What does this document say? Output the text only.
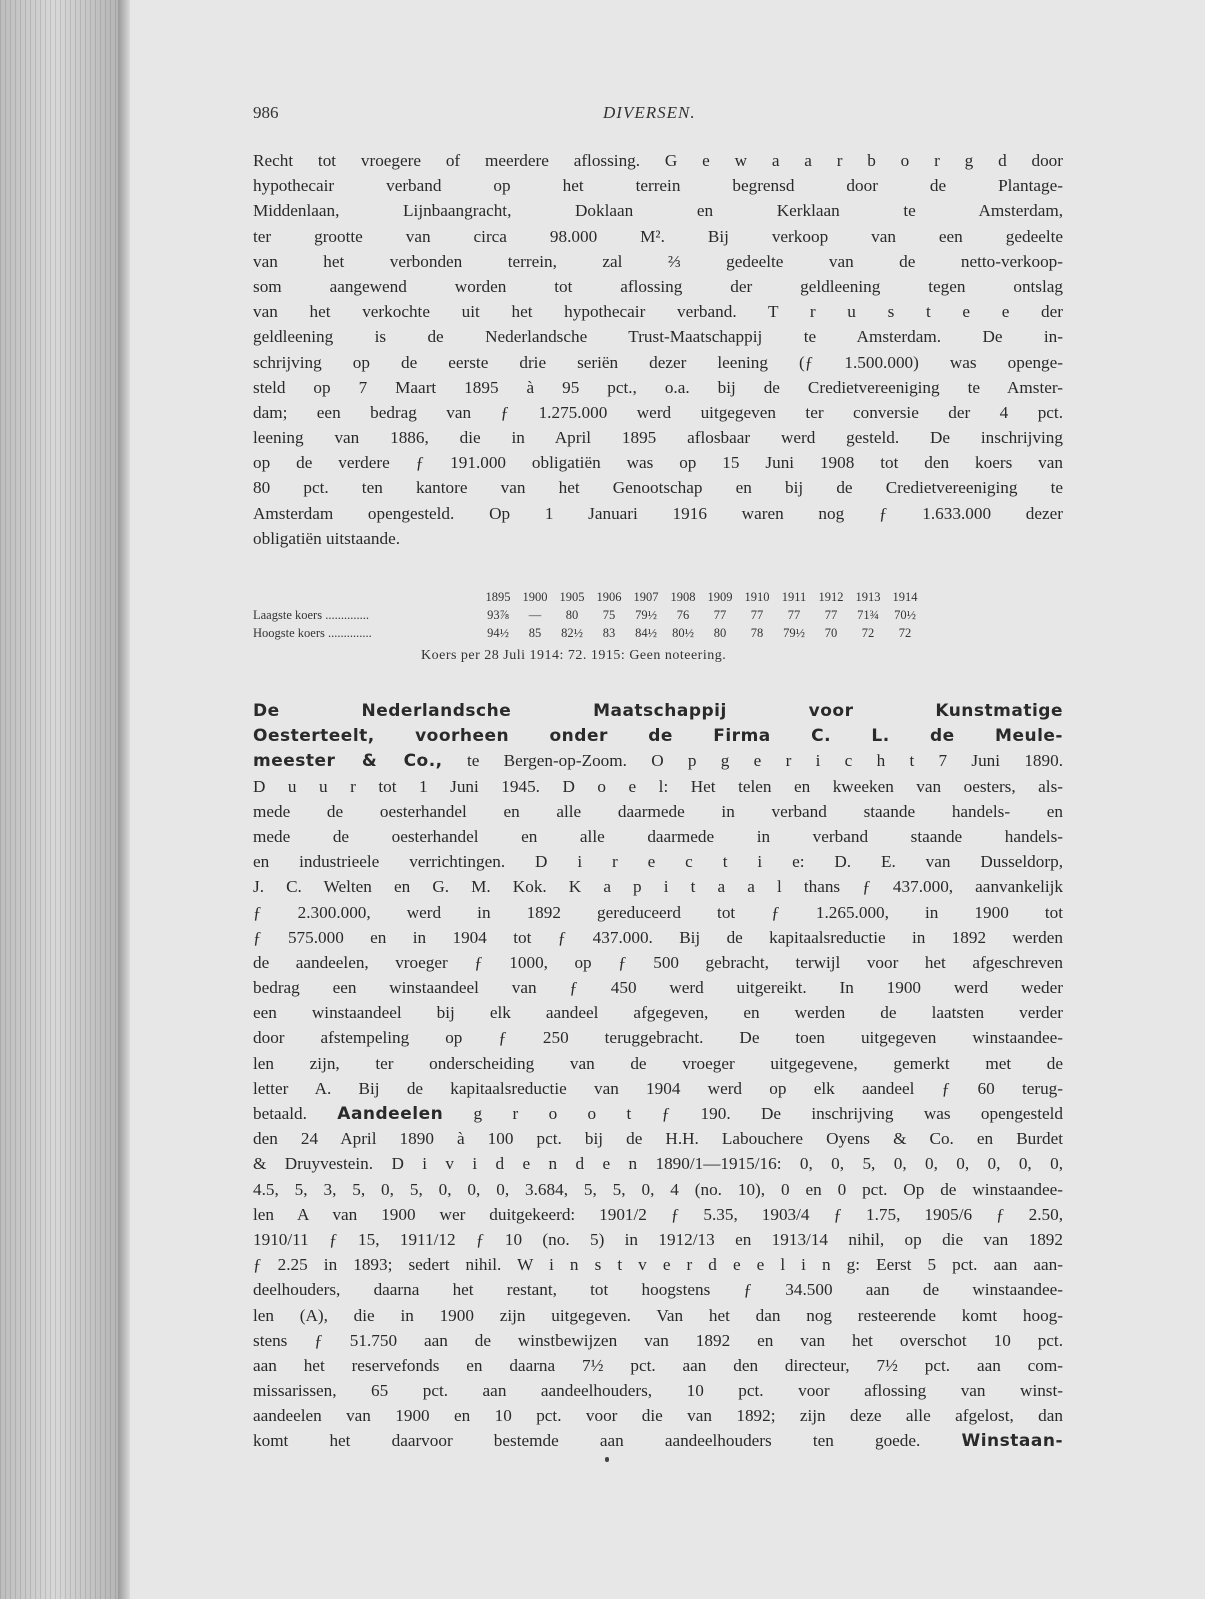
986	DIVERSEN.
Recht tot vroegere of meerdere aflossing. G e w a a r b o r g d door
hypothecair verband op het terrein begrensd door de Plantage-
Middenlaan, Lijnbaangracht, Doklaan en Kerklaan te Amsterdam,
ter grootte van circa 98.000 M². Bij verkoop van een gedeelte
van het verbonden terrein, zal ⅔ gedeelte van de netto-verkoop-
som aangewend worden tot aflossing der geldleening tegen ontslag
van het verkochte uit het hypothecair verband. T r u s t e e der
geldleening is de Nederlandsche Trust-Maatschappij te Amsterdam. De in-
schrijving op de eerste drie seriën dezer leening (ƒ 1.500.000) was openge-
steld op 7 Maart 1895 à 95 pct., o.a. bij de Credietvereeniging te Amster-
dam; een bedrag van ƒ 1.275.000 werd uitgegeven ter conversie der 4 pct.
leening van 1886, die in April 1895 aflosbaar werd gesteld. De inschrijving
op de verdere ƒ 191.000 obligatiën was op 15 Juni 1908 tot den koers van
80 pct. ten kantore van het Genootschap en bij de Credietvereeniging te
Amsterdam opengesteld. Op 1 Januari 1916 waren nog ƒ 1.633.000 dezer
obligatiën uitstaande.
1895 1900 1905 1906 1907 1908 1909 1910 1911 1912 1913 1914
Laagste koers ..............	93⅞	—	80	75	79½	76	77	77	77	77	71¾	70½
Hoogste koers ..............	94½	85	82½	83	84½	80½	80	78	79½	70	72	72
Koers per 28 Juli 1914: 72. 1915: Geen noteering.
De Nederlandsche Maatschappij voor Kunstmatige
Oesterteelt, voorheen onder de Firma C. L. de Meule-
meester & Co., te Bergen-op-Zoom. O p g e r i c h t 7 Juni 1890.
D u u r tot 1 Juni 1945. D o e l: Het telen en kweeken van oesters, als-
mede de oesterhandel en alle daarmede in verband staande handels- en
mede de oesterhandel en alle daarmede in verband staande handels-
en industrieele verrichtingen. D i r e c t i e: D. E. van Dusseldorp,
J. C. Welten en G. M. Kok. K a p i t a a l thans ƒ 437.000, aanvankelijk
ƒ 2.300.000, werd in 1892 gereduceerd tot ƒ 1.265.000, in 1900 tot
ƒ 575.000 en in 1904 tot ƒ 437.000. Bij de kapitaalsreductie in 1892 werden
de aandeelen, vroeger ƒ 1000, op ƒ 500 gebracht, terwijl voor het afgeschreven
bedrag een winstaandeel van ƒ 450 werd uitgereikt. In 1900 werd weder
een winstaandeel bij elk aandeel afgegeven, en werden de laatsten verder
door afstempeling op ƒ 250 teruggebracht. De toen uitgegeven winstaandee-
len zijn, ter onderscheiding van de vroeger uitgegevene, gemerkt met de
letter A. Bij de kapitaalsreductie van 1904 werd op elk aandeel ƒ 60 terug-
betaald. Aandeelen g r o o t ƒ 190. De inschrijving was opengesteld
den 24 April 1890 à 100 pct. bij de H.H. Labouchere Oyens & Co. en Burdet
& Druyvestein. D i v i d e n d e n 1890/1—1915/16: 0, 0, 5, 0, 0, 0, 0, 0, 0,
4.5, 5, 3, 5, 0, 5, 0, 0, 0, 3.684, 5, 5, 0, 4 (no. 10), 0 en 0 pct. Op de winstaandee-
len A van 1900 wer duitgekeerd: 1901/2 ƒ 5.35, 1903/4 ƒ 1.75, 1905/6 ƒ 2.50,
1910/11 ƒ 15, 1911/12 ƒ 10 (no. 5) in 1912/13 en 1913/14 nihil, op die van 1892
ƒ 2.25 in 1893; sedert nihil. W i n s t v e r d e e l i n g: Eerst 5 pct. aan aan-
deelhouders, daarna het restant, tot hoogstens ƒ 34.500 aan de winstaandee-
len (A), die in 1900 zijn uitgegeven. Van het dan nog resteerende komt hoog-
stens ƒ 51.750 aan de winstbewijzen van 1892 en van het overschot 10 pct.
aan het reservefonds en daarna 7½ pct. aan den directeur, 7½ pct. aan com-
missarissen, 65 pct. aan aandeelhouders, 10 pct. voor aflossing van winst-
aandeelen van 1900 en 10 pct. voor die van 1892; zijn deze alle afgelost, dan
komt het daarvoor bestemde aan aandeelhouders ten goede. Winstaan-
